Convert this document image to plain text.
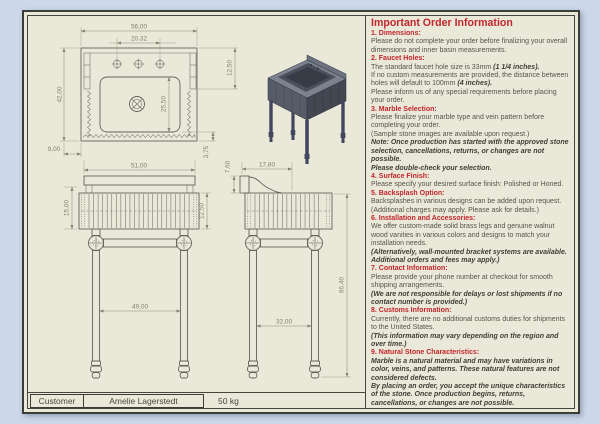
56,00
20.32
42,00
25,50
12,50
9,00	3,75
51,00
15,00	12,50
49,00
17,80
7,60
32,00
86,40
Important Order Information
1. Dimensions:
Please do not complete your order before finalizing your overall dimensions and inner basin measurements.
2. Faucet Holes:
The standard faucet hole size is 33mm (1 1/4 inches).
If no custom measurements are provided, the distance between holes will default to 100mm (4 inches).
Please inform us of any special requirements before placing your order.
3. Marble Selection:
Please finalize your marble type and vein pattern before completing your order.
(Sample stone images are available upon request.)
Note: Once production has started with the approved stone selection, cancellations, returns, or changes are not possible.
Please double-check your selection.
4. Surface Finish:
Please specify your desired surface finish: Polished or Honed.
5. Backsplash Option:
Backsplashes in various designs can be added upon request.
(Additional charges may apply. Please ask for details.)
6. Installation and Accessories:
We offer custom-made solid brass legs and genuine walnut wood vanities in various colors and designs to match your installation needs.
(Alternatively, wall-mounted bracket systems are available. Additional orders and fees may apply.)
7. Contact Information:
Please provide your phone number at checkout for smooth shipping arrangements.
(We are not responsible for delays or lost shipments if no contact number is provided.)
8. Customs Information:
Currently, there are no additional customs duties for shipments to the United States.
(This information may vary depending on the region and over time.)
9. Natural Stone Characteristics:
Marble is a natural material and may have variations in color, veins, and patterns. These natural features are not considered defects.
By placing an order, you accept the unique characteristics of the stone. Once production begins, returns, cancellations, or changes are not possible.
Customer	Amelie Lagerstedt	50 kg
